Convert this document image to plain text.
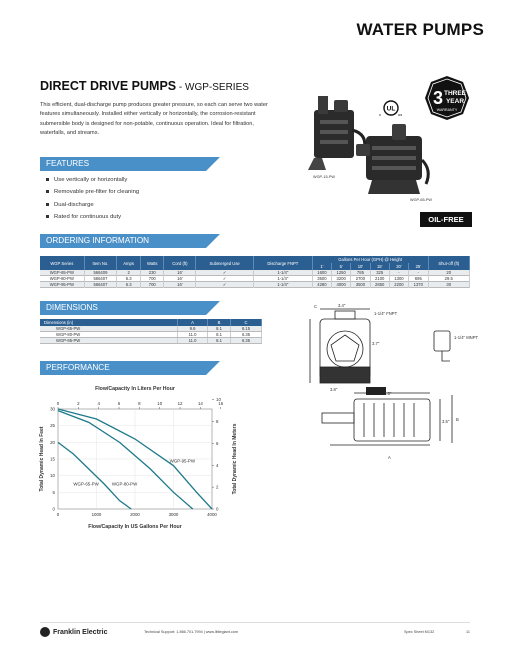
WATER PUMPS
DIRECT DRIVE PUMPS - WGP-SERIES

This efficient, dual-discharge pump produces greater pressure, so each can serve two water features simultaneously. Installed either vertically or horizontally, the corrosion-resistant submersible body is designed for non-potable, continuous operation. Ideal for filtration, waterfalls, and streams.

FEATURES
Use vertically or horizontally
Removable pre-filter for cleaning
Dual-discharge
Rated for continuous duty
WGP-15-PW
WGP-65-PW
UL
c	us
3 THREE
YEAR
WARRANTY
OIL-FREE
ORDERING INFORMATION
WGP Series	Item No.	Amps	Watts	Cord (ft)	Submerged Use	Discharge FNPT	Gallons Per Hour (GPH) @ Height						Shut-off (ft)
							1'	5'	10'	15'	20'	25'	
WGP-65-PW	566409	2	230	16'	✓	1-1/4"	1600	1250	785	325	-	-	20
WGP-80-PW	566407	6.3	700	16'	✓	1-1/4"	3500	3200	2700	2100	1300	695	29.5
WGP-95-PW	566407	6.3	700	16'	✓	1-1/4"	4280	4000	3500	2850	2200	1370	30
DIMENSIONS
Dimensions (in)	A	B	C
WGP-65-PW	9.6	8.1	6.15
WGP-80-PW	11.0	8.1	6.35
WGP-95-PW	11.0	8.1	6.35
1-1/4" FNPT
1-1/4" MNPT
C
B
A
3.4"
3.7"
3.8"
1.5"
3.5"
PERFORMANCE
0	1000	2000	3000	4000
0
5
10
15
20
25
30
0	2	4	6	8	10	12	14	16
0
2
4
6
8
10
Flow/Capacity In Liters Per Hour
Flow/Capacity In US Gallons Per Hour
Total Dynamic Head In Feet	Total Dynamic Head In Meters
WGP-65-PW	WGP-80-PW
WGP-95-PW
Franklin Electric	Technical Support: 1.866.701.7994 | www.littlegiant.com	Spec Sheet M132	11
